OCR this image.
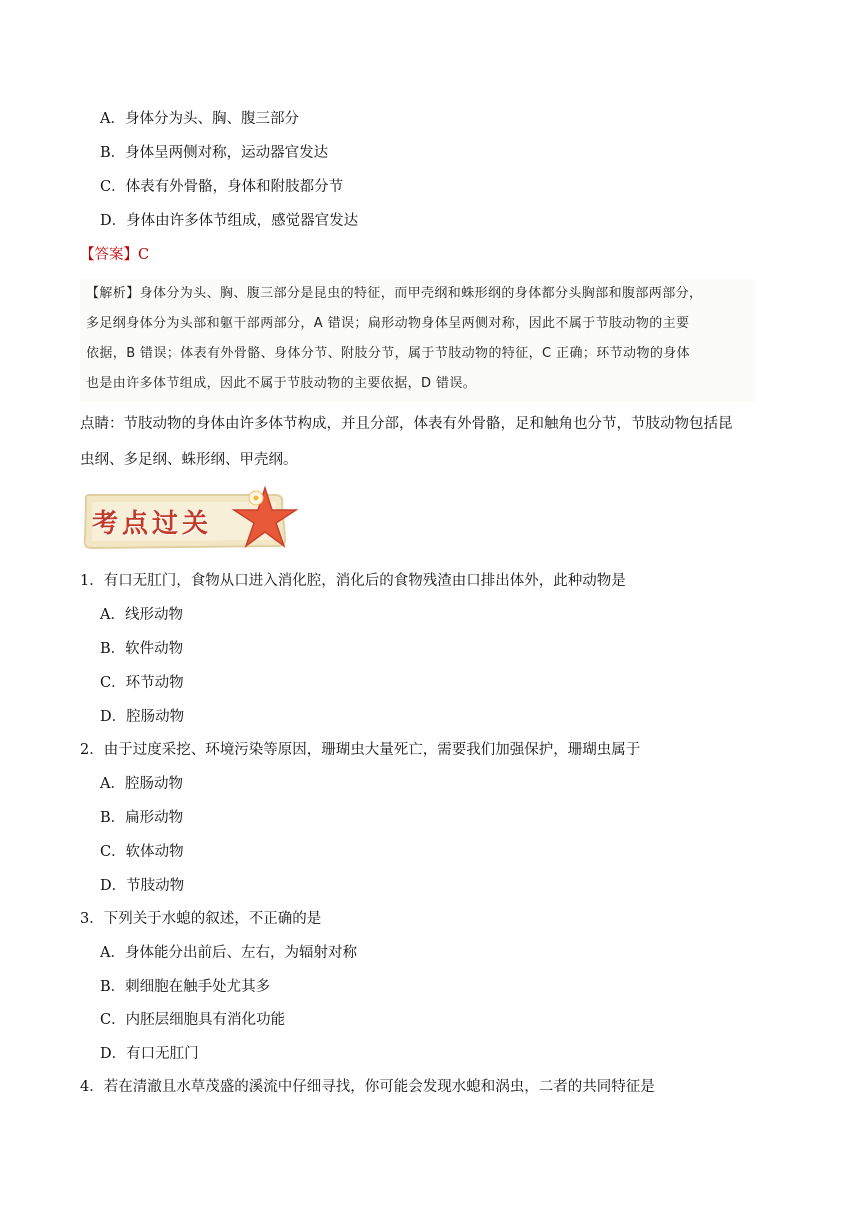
A．身体分为头、胸、腹三部分
B．身体呈两侧对称，运动器官发达
C．体表有外骨骼，身体和附肢都分节
D．身体由许多体节组成，感觉器官发达
【答案】C
【解析】身体分为头、胸、腹三部分是昆虫的特征，而甲壳纲和蛛形纲的身体都分头胸部和腹部两部分，
多足纲身体分为头部和躯干部两部分，A 错误；扁形动物身体呈两侧对称，因此不属于节肢动物的主要
依据，B 错误；体表有外骨骼、身体分节、附肢分节，属于节肢动物的特征，C 正确；环节动物的身体
也是由许多体节组成，因此不属于节肢动物的主要依据，D 错误。
点睛：节肢动物的身体由许多体节构成，并且分部，体表有外骨骼，足和触角也分节，节肢动物包括昆
虫纲、多足纲、蛛形纲、甲壳纲。
考点过关
1．有口无肛门，食物从口进入消化腔，消化后的食物残渣由口排出体外，此种动物是
A．线形动物
B．软件动物
C．环节动物
D．腔肠动物
2．由于过度采挖、环境污染等原因，珊瑚虫大量死亡，需要我们加强保护，珊瑚虫属于
A．腔肠动物
B．扁形动物
C．软体动物
D．节肢动物
3．下列关于水螅的叙述，不正确的是
A．身体能分出前后、左右，为辐射对称
B．刺细胞在触手处尤其多
C．内胚层细胞具有消化功能
D．有口无肛门
4．若在清澈且水草茂盛的溪流中仔细寻找，你可能会发现水螅和涡虫，二者的共同特征是
